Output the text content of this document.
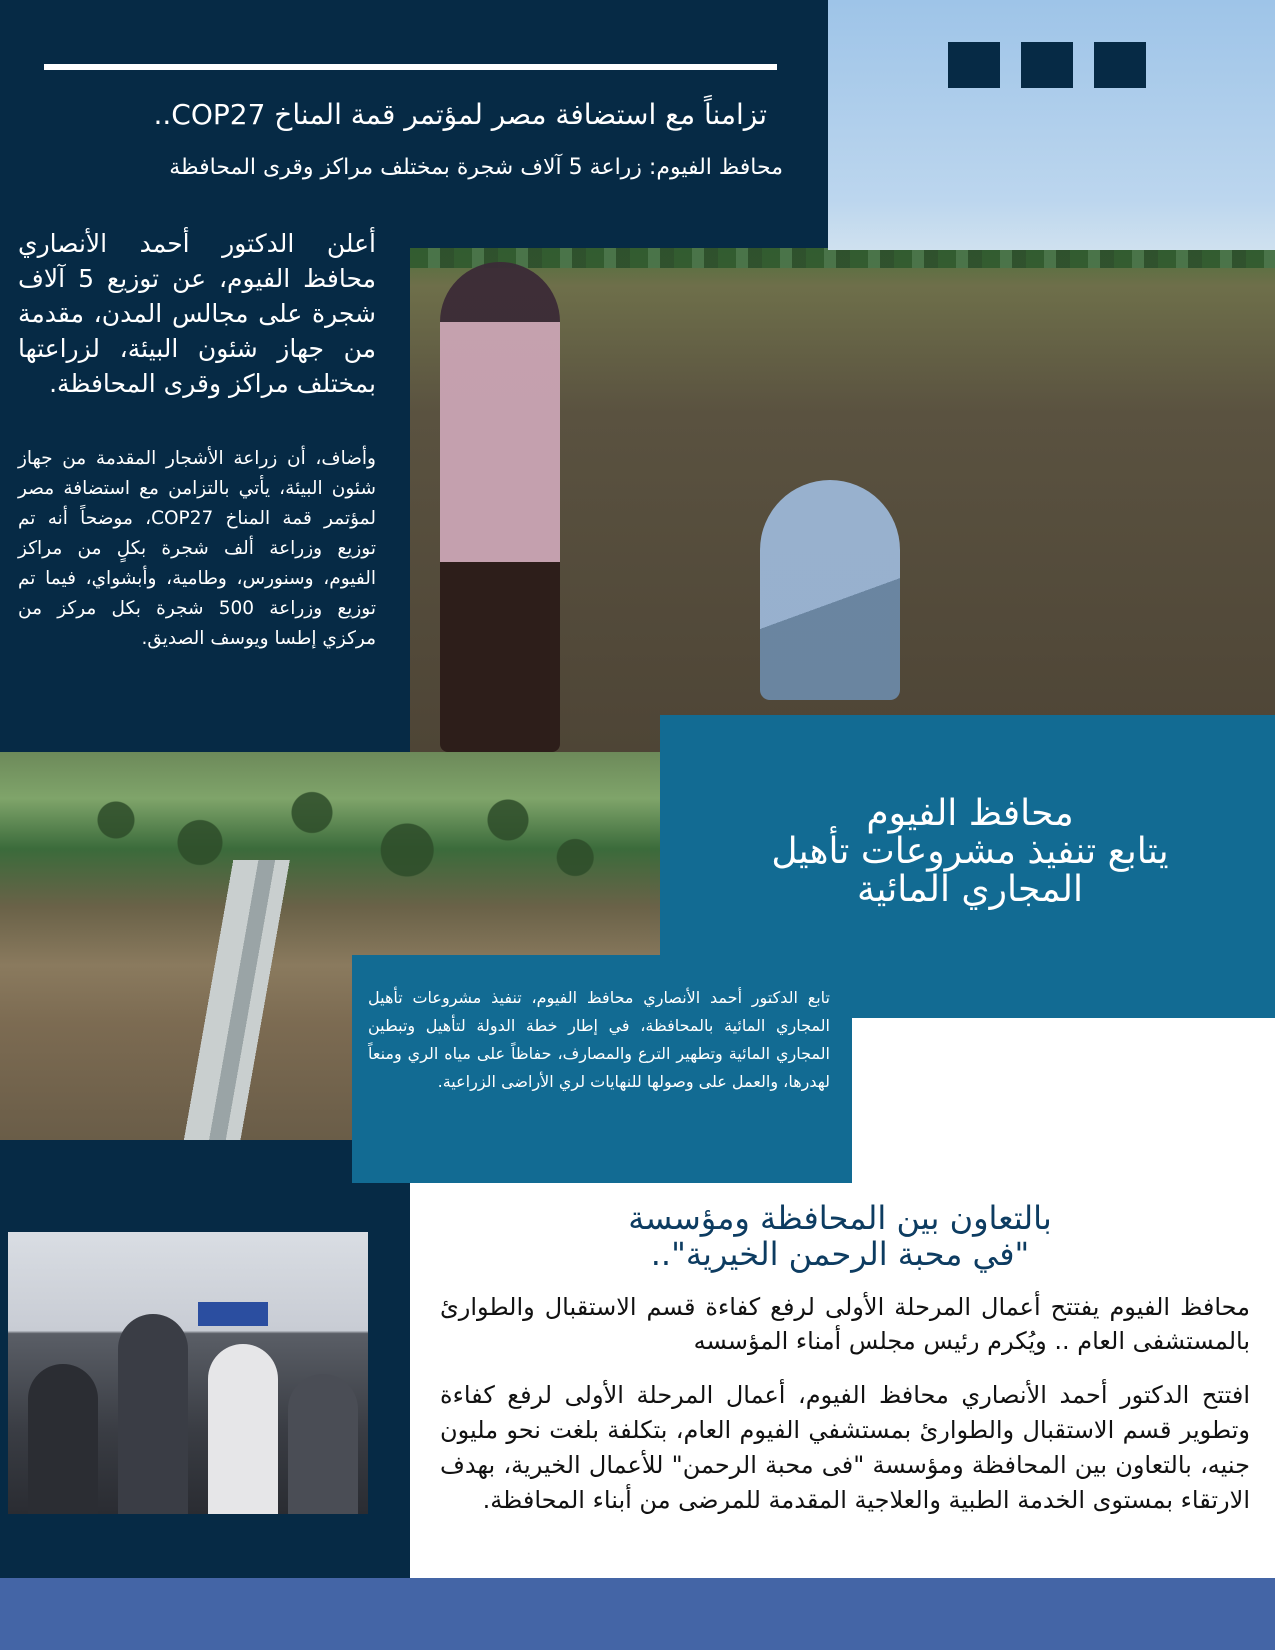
تزامناً مع استضافة مصر لمؤتمر قمة المناخ COP27..
محافظ الفيوم: زراعة 5 آلاف شجرة بمختلف مراكز وقرى المحافظة

أعلن الدكتور أحمد الأنصاري محافظ الفيوم، عن توزيع 5 آلاف شجرة على مجالس المدن، مقدمة من جهاز شئون البيئة، لزراعتها بمختلف مراكز وقرى المحافظة.

وأضاف، أن زراعة الأشجار المقدمة من جهاز شئون البيئة، يأتي بالتزامن مع استضافة مصر لمؤتمر قمة المناخ COP27، موضحاً أنه تم توزيع وزراعة ألف شجرة بكلٍ من مراكز الفيوم، وسنورس، وطامية، وأبشواي، فيما تم توزيع وزراعة 500 شجرة بكل مركز من مركزي إطسا ويوسف الصديق.

محافظ الفيوم
يتابع تنفيذ مشروعات تأهيل
المجاري المائية

تابع الدكتور أحمد الأنصاري محافظ الفيوم، تنفيذ مشروعات تأهيل المجاري المائية بالمحافظة، في إطار خطة الدولة لتأهيل وتبطين المجاري المائية وتطهير الترع والمصارف، حفاظاً على مياه الري ومنعاً لهدرها، والعمل على وصولها للنهايات لري الأراضى الزراعية.

بالتعاون بين المحافظة ومؤسسة
"في محبة الرحمن الخيرية"..

محافظ الفيوم يفتتح أعمال المرحلة الأولى لرفع كفاءة قسم الاستقبال والطوارئ بالمستشفى العام .. ويُكرم رئيس مجلس أمناء المؤسسه

افتتح الدكتور أحمد الأنصاري محافظ الفيوم، أعمال المرحلة الأولى لرفع كفاءة وتطوير قسم الاستقبال والطوارئ بمستشفي الفيوم العام، بتكلفة بلغت نحو مليون جنيه، بالتعاون بين المحافظة ومؤسسة "فى محبة الرحمن" للأعمال الخيرية، بهدف الارتقاء بمستوى الخدمة الطبية والعلاجية المقدمة للمرضى من أبناء المحافظة.
